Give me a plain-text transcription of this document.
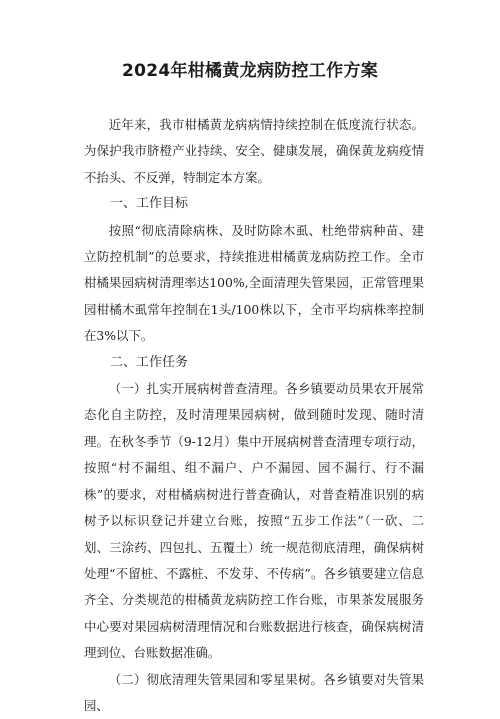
2024年柑橘黄龙病防控工作方案

近年来，我市柑橘黄龙病病情持续控制在低度流行状态。为保护我市脐橙产业持续、安全、健康发展，确保黄龙病疫情不抬头、不反弹，特制定本方案。

一、工作目标

按照“彻底清除病株、及时防除木虱、杜绝带病种苗、建立防控机制”的总要求，持续推进柑橘黄龙病防控工作。全市柑橘果园病树清理率达100%,全面清理失管果园，正常管理果园柑橘木虱常年控制在1头/100株以下，全市平均病株率控制在3%以下。

二、工作任务

（一）扎实开展病树普查清理。各乡镇要动员果农开展常态化自主防控，及时清理果园病树，做到随时发现、随时清理。在秋冬季节（9-12月）集中开展病树普查清理专项行动，按照“村不漏组、组不漏户、户不漏园、园不漏行、行不漏株”的要求，对柑橘病树进行普查确认，对普查精准识别的病树予以标识登记并建立台账，按照“五步工作法”（一砍、二划、三涂药、四包扎、五覆土）统一规范彻底清理，确保病树处理“不留桩、不露桩、不发芽、不传病”。各乡镇要建立信息齐全、分类规范的柑橘黄龙病防控工作台账，市果茶发展服务中心要对果园病树清理情况和台账数据进行核查，确保病树清理到位、台账数据准确。

（二）彻底清理失管果园和零星果树。各乡镇要对失管果园、
